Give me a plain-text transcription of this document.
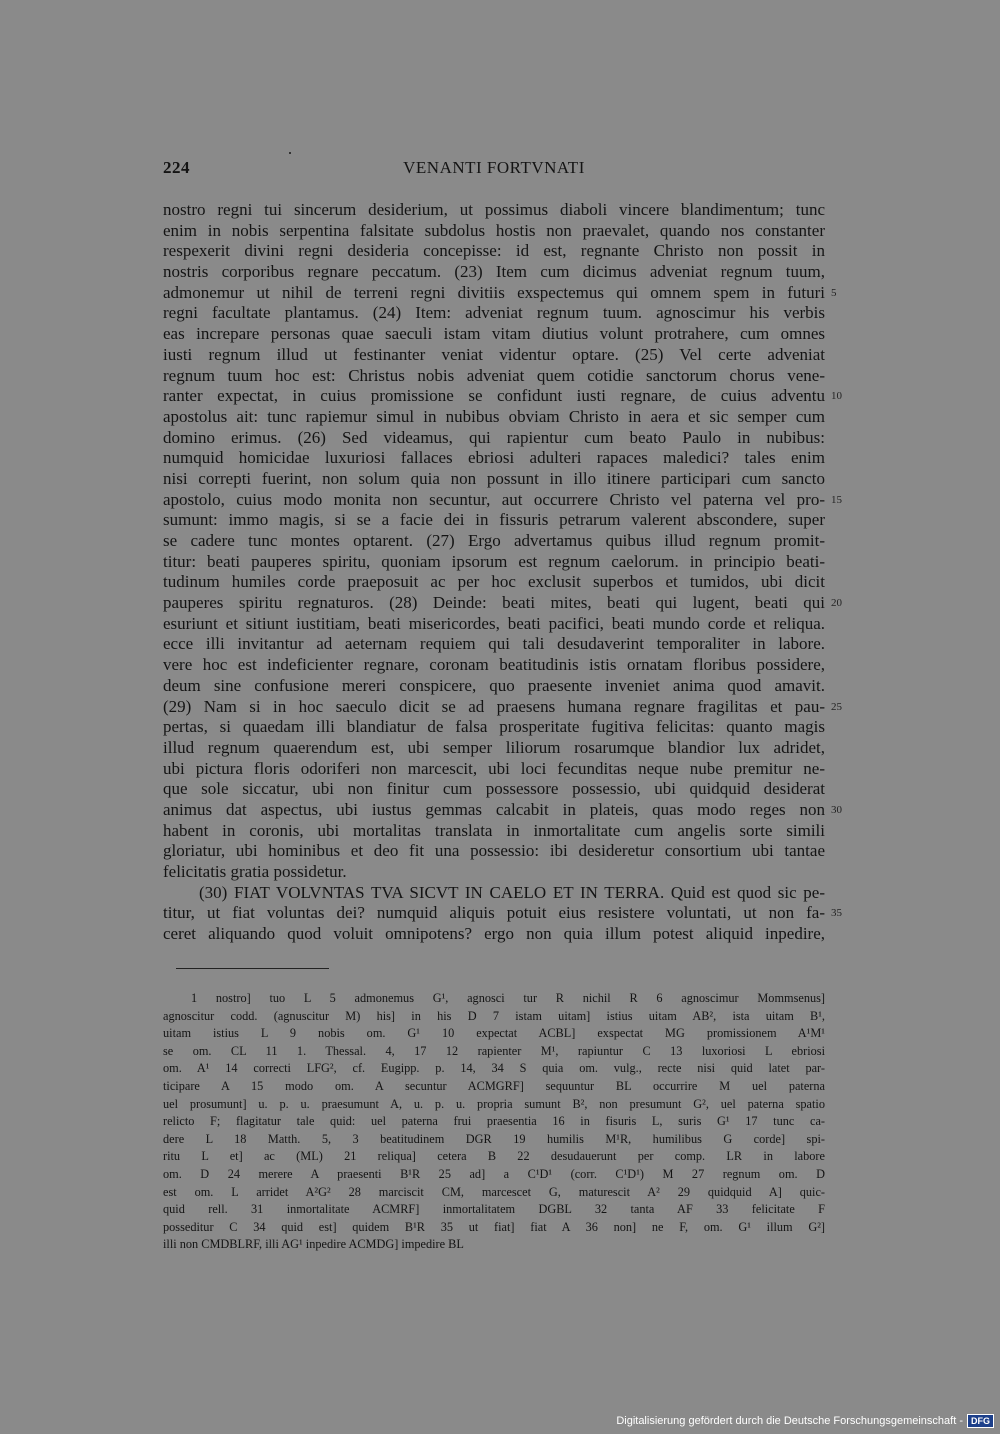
224	VENANTI FORTVNATI
nostro regni tui sincerum desiderium, ut possimus diaboli vincere blandimentum; tunc
enim in nobis serpentina falsitate subdolus hostis non praevalet, quando nos constanter
respexerit divini regni desideria concepisse: id est, regnante Christo non possit in
nostris corporibus regnare peccatum. (23) Item cum dicimus adveniat regnum tuum,
admonemur ut nihil de terreni regni divitiis exspectemus qui omnem spem in futuri 5
regni facultate plantamus. (24) Item: adveniat regnum tuum. agnoscimur his verbis
eas increpare personas quae saeculi istam vitam diutius volunt protrahere, cum omnes
iusti regnum illud ut festinanter veniat videntur optare. (25) Vel certe adveniat
regnum tuum hoc est: Christus nobis adveniat quem cotidie sanctorum chorus vene-
ranter expectat, in cuius promissione se confidunt iusti regnare, de cuius adventu 10
apostolus ait: tunc rapiemur simul in nubibus obviam Christo in aera et sic semper cum
domino erimus. (26) Sed videamus, qui rapientur cum beato Paulo in nubibus:
numquid homicidae luxuriosi fallaces ebriosi adulteri rapaces maledici? tales enim
nisi correpti fuerint, non solum quia non possunt in illo itinere participari cum sancto
apostolo, cuius modo monita non secuntur, aut occurrere Christo vel paterna vel pro- 15
sumunt: immo magis, si se a facie dei in fissuris petrarum valerent abscondere, super
se cadere tunc montes optarent. (27) Ergo advertamus quibus illud regnum promit-
titur: beati pauperes spiritu, quoniam ipsorum est regnum caelorum. in principio beati-
tudinum humiles corde praeposuit ac per hoc exclusit superbos et tumidos, ubi dicit
pauperes spiritu regnaturos. (28) Deinde: beati mites, beati qui lugent, beati qui 20
esuriunt et sitiunt iustitiam, beati misericordes, beati pacifici, beati mundo corde et reliqua.
ecce illi invitantur ad aeternam requiem qui tali desudaverint temporaliter in labore.
vere hoc est indeficienter regnare, coronam beatitudinis istis ornatam floribus possidere,
deum sine confusione mereri conspicere, quo praesente inveniet anima quod amavit.
(29) Nam si in hoc saeculo dicit se ad praesens humana regnare fragilitas et pau- 25
pertas, si quaedam illi blandiatur de falsa prosperitate fugitiva felicitas: quanto magis
illud regnum quaerendum est, ubi semper liliorum rosarumque blandior lux adridet,
ubi pictura floris odoriferi non marcescit, ubi loci fecunditas neque nube premitur ne-
que sole siccatur, ubi non finitur cum possessore possessio, ubi quidquid desiderat
animus dat aspectus, ubi iustus gemmas calcabit in plateis, quas modo reges non 30
habent in coronis, ubi mortalitas translata in inmortalitate cum angelis sorte simili
gloriatur, ubi hominibus et deo fit una possessio: ibi desideretur consortium ubi tantae
felicitatis gratia possidetur.
(30) FIAT VOLVNTAS TVA SICVT IN CAELO ET IN TERRA. Quid est quod sic pe-
titur, ut fiat voluntas dei? numquid aliquis potuit eius resistere voluntati, ut non fa- 35
ceret aliquando quod voluit omnipotens? ergo non quia illum potest aliquid inpedire,
1 nostro] tuo L 5 admonemus G¹, agnosci tur R nichil R 6 agnoscimur Mommsenus]
agnoscitur codd. (agnuscitur M) his] in his D 7 istam uitam] istius uitam AB², ista uitam B¹,
uitam istius L 9 nobis om. G¹ 10 expectat ACBL] exspectat MG promissionem A¹M¹
se om. CL 11 1. Thessal. 4, 17 12 rapienter M¹, rapiuntur C 13 luxoriosi L ebriosi
om. A¹ 14 correcti LFG², cf. Eugipp. p. 14, 34 S quia om. vulg., recte nisi quid latet par-
ticipare A 15 modo om. A secuntur ACMGRF] sequuntur BL occurrire M uel paterna
uel prosumunt] u. p. u. praesumunt A, u. p. u. propria sumunt B², non presumunt G², uel paterna spatio
relicto F; flagitatur tale quid: uel paterna frui praesentia 16 in fisuris L, suris G¹ 17 tunc ca-
dere L 18 Matth. 5, 3 beatitudinem DGR 19 humilis M¹R, humilibus G corde] spi-
ritu L et] ac (ML) 21 reliqua] cetera B 22 desudauerunt per comp. LR in labore
om. D 24 merere A praesenti B¹R 25 ad] a C¹D¹ (corr. C¹D¹) M 27 regnum om. D
est om. L arridet A²G² 28 marciscit CM, marcescet G, maturescit A² 29 quidquid A] quic-
quid rell. 31 inmortalitate ACMRF] inmortalitatem DGBL 32 tanta AF 33 felicitate F
posseditur C 34 quid est] quidem B¹R 35 ut fiat] fiat A 36 non] ne F, om. G¹ illum G²]
illi non CMDBLRF, illi AG¹ inpedire ACMDG] impedire BL
Digitalisierung gefördert durch die Deutsche Forschungsgemeinschaft - DFG
